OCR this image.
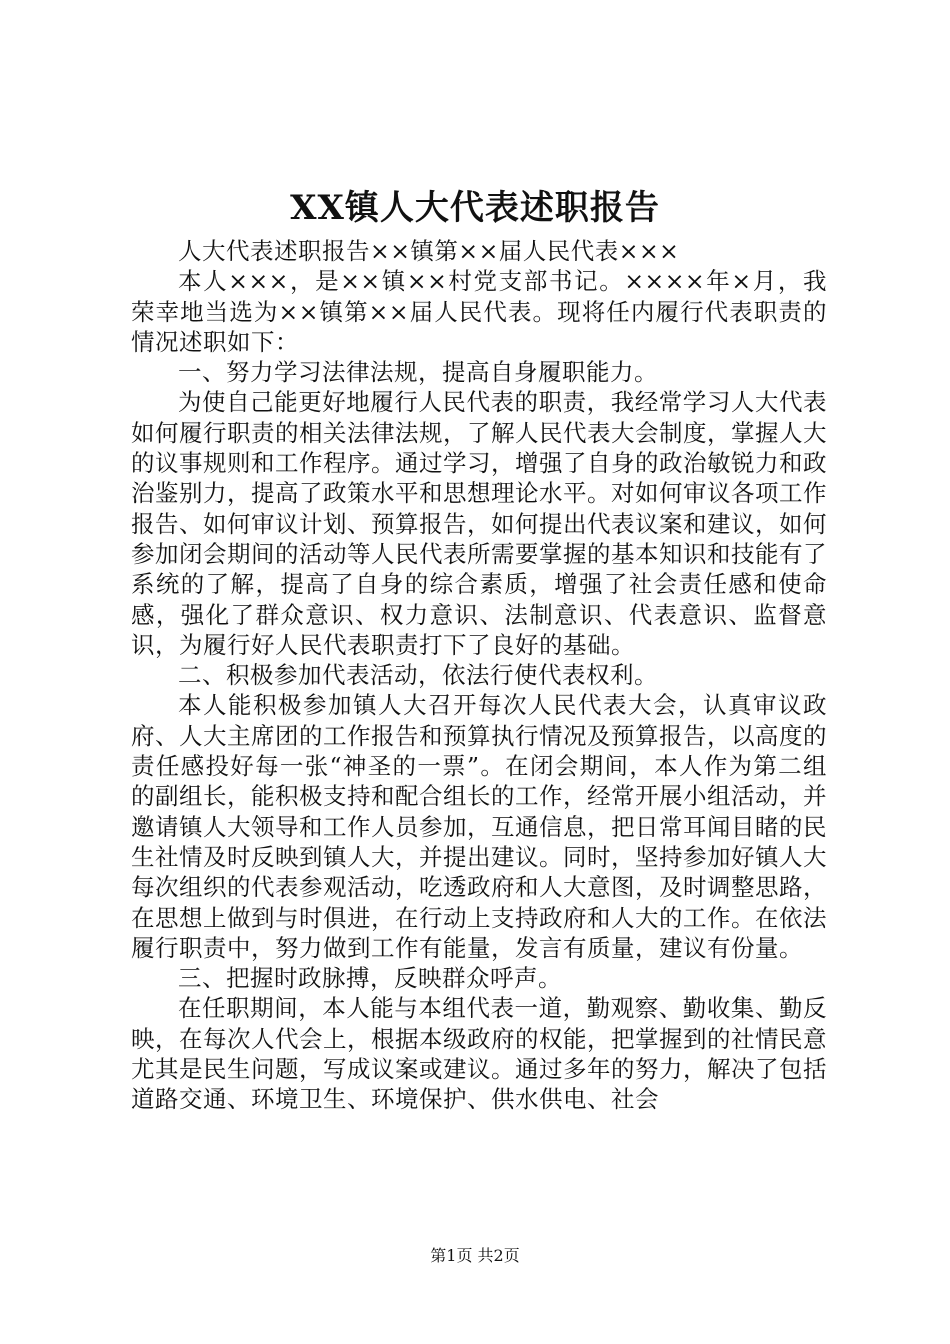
XX镇人大代表述职报告

人大代表述职报告××镇第××届人民代表×××

本人×××，是××镇××村党支部书记。××××年×月，我荣幸地当选为××镇第××届人民代表。现将任内履行代表职责的情况述职如下：

一、努力学习法律法规，提高自身履职能力。

为使自己能更好地履行人民代表的职责，我经常学习人大代表如何履行职责的相关法律法规，了解人民代表大会制度，掌握人大的议事规则和工作程序。通过学习，增强了自身的政治敏锐力和政治鉴别力，提高了政策水平和思想理论水平。对如何审议各项工作报告、如何审议计划、预算报告，如何提出代表议案和建议，如何参加闭会期间的活动等人民代表所需要掌握的基本知识和技能有了系统的了解，提高了自身的综合素质，增强了社会责任感和使命感，强化了群众意识、权力意识、法制意识、代表意识、监督意识，为履行好人民代表职责打下了良好的基础。

二、积极参加代表活动，依法行使代表权利。

本人能积极参加镇人大召开每次人民代表大会，认真审议政府、人大主席团的工作报告和预算执行情况及预算报告，以高度的责任感投好每一张“神圣的一票”。在闭会期间，本人作为第二组的副组长，能积极支持和配合组长的工作，经常开展小组活动，并邀请镇人大领导和工作人员参加，互通信息，把日常耳闻目睹的民生社情及时反映到镇人大，并提出建议。同时，坚持参加好镇人大每次组织的代表参观活动，吃透政府和人大意图，及时调整思路，在思想上做到与时俱进，在行动上支持政府和人大的工作。在依法履行职责中，努力做到工作有能量，发言有质量，建议有份量。

三、把握时政脉搏，反映群众呼声。

在任职期间，本人能与本组代表一道，勤观察、勤收集、勤反映，在每次人代会上，根据本级政府的权能，把掌握到的社情民意尤其是民生问题，写成议案或建议。通过多年的努力，解决了包括道路交通、环境卫生、环境保护、供水供电、社会

第1页 共2页
